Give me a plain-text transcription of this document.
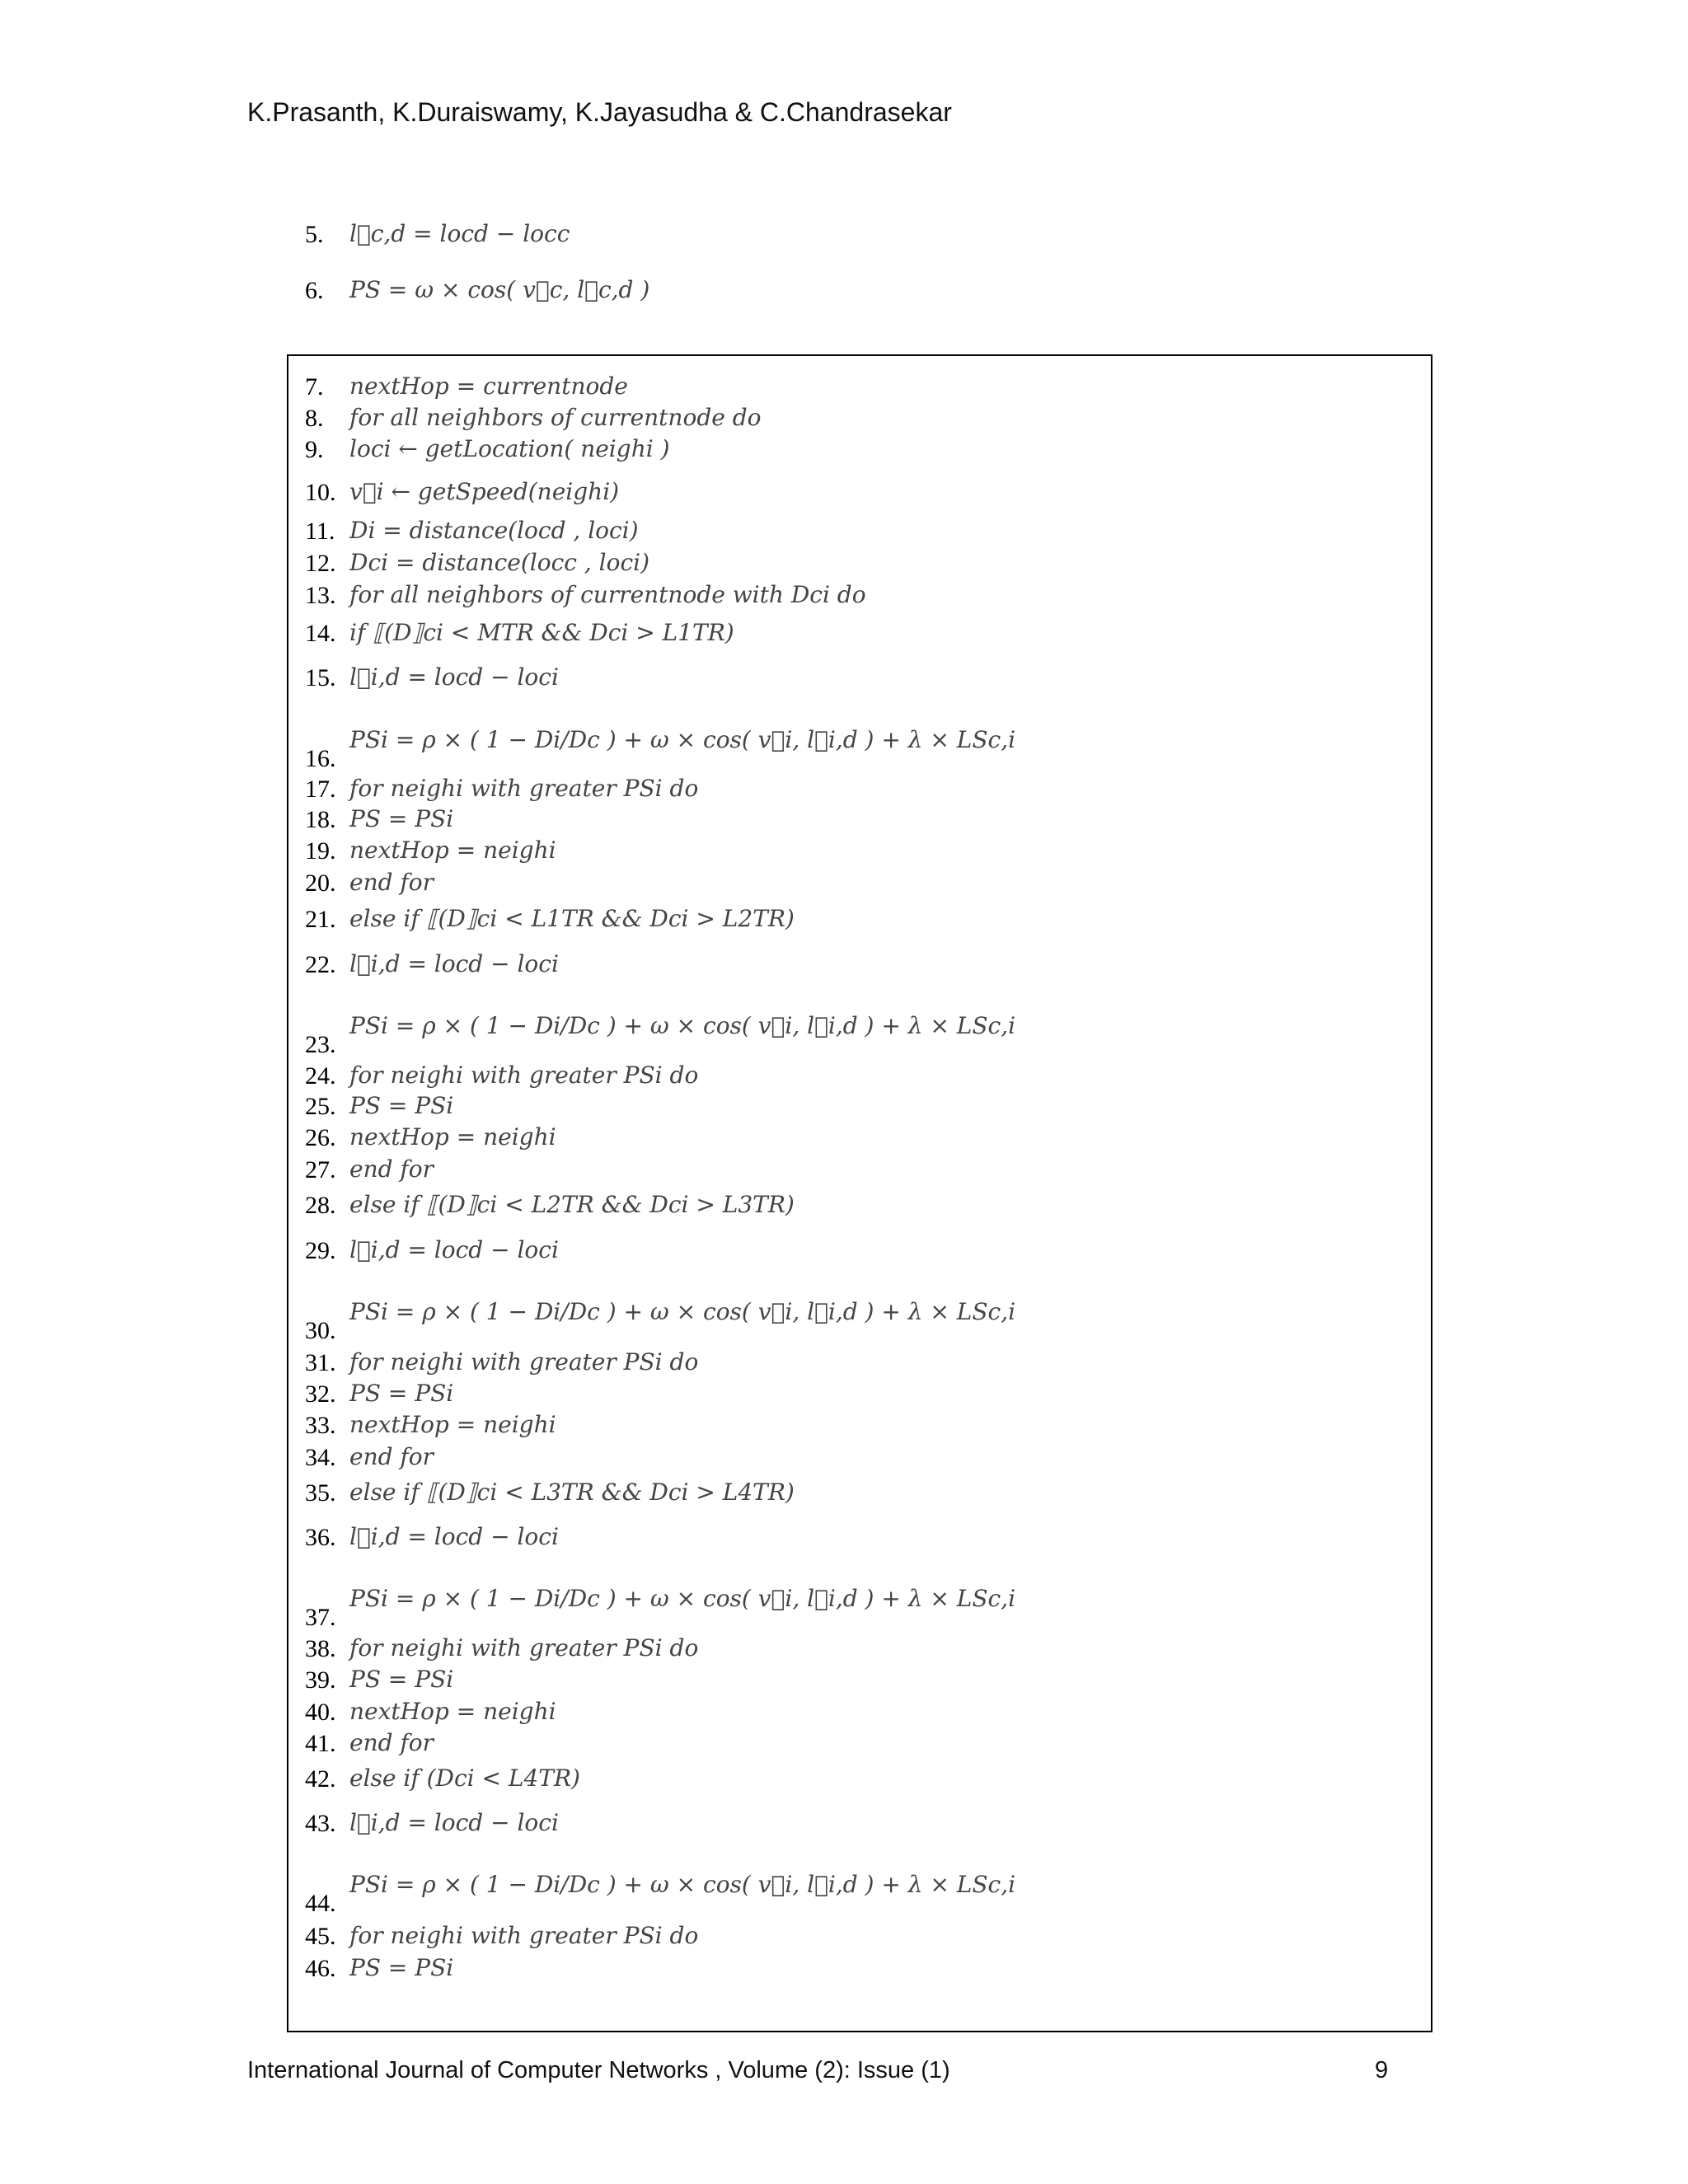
K.Prasanth, K.Duraiswamy, K.Jayasudha & C.Chandrasekar
5.	l⃗c,d = locd − locc
6.	PS = ω × cos( v⃗c, l⃗c,d )
7.	nextHop = currentnode
8.	for all neighbors of currentnode do
9.	loci ← getLocation( neighi )
10. v⃗i ← getSpeed(neighi)
11. Di = distance(locd , loci)
12. Dci = distance(locc , loci)
13. for all neighbors of currentnode with Dci do
14. if ⟦(D⟧ci < MTR && Dci > L1TR)
15. l⃗i,d = locd − loci
16.
PSi = ρ × ( 1 − Di/Dc ) + ω × cos( v⃗i, l⃗i,d ) + λ × LSc,i
17. for neighi with greater PSi do
18. PS = PSi
19. nextHop = neighi
20. end for
21. else if ⟦(D⟧ci < L1TR && Dci > L2TR)
22. l⃗i,d = locd − loci
23.
PSi = ρ × ( 1 − Di/Dc ) + ω × cos( v⃗i, l⃗i,d ) + λ × LSc,i
24. for neighi with greater PSi do
25. PS = PSi
26. nextHop = neighi
27. end for
28. else if ⟦(D⟧ci < L2TR && Dci > L3TR)
29. l⃗i,d = locd − loci
30.
PSi = ρ × ( 1 − Di/Dc ) + ω × cos( v⃗i, l⃗i,d ) + λ × LSc,i
31. for neighi with greater PSi do
32. PS = PSi
33. nextHop = neighi
34. end for
35. else if ⟦(D⟧ci < L3TR && Dci > L4TR)
36. l⃗i,d = locd − loci
37.
PSi = ρ × ( 1 − Di/Dc ) + ω × cos( v⃗i, l⃗i,d ) + λ × LSc,i
38. for neighi with greater PSi do
39. PS = PSi
40. nextHop = neighi
41. end for
42. else if (Dci < L4TR)
43. l⃗i,d = locd − loci
44.
PSi = ρ × ( 1 − Di/Dc ) + ω × cos( v⃗i, l⃗i,d ) + λ × LSc,i
45. for neighi with greater PSi do
46. PS = PSi
International Journal of Computer Networks , Volume (2): Issue (1)	9
